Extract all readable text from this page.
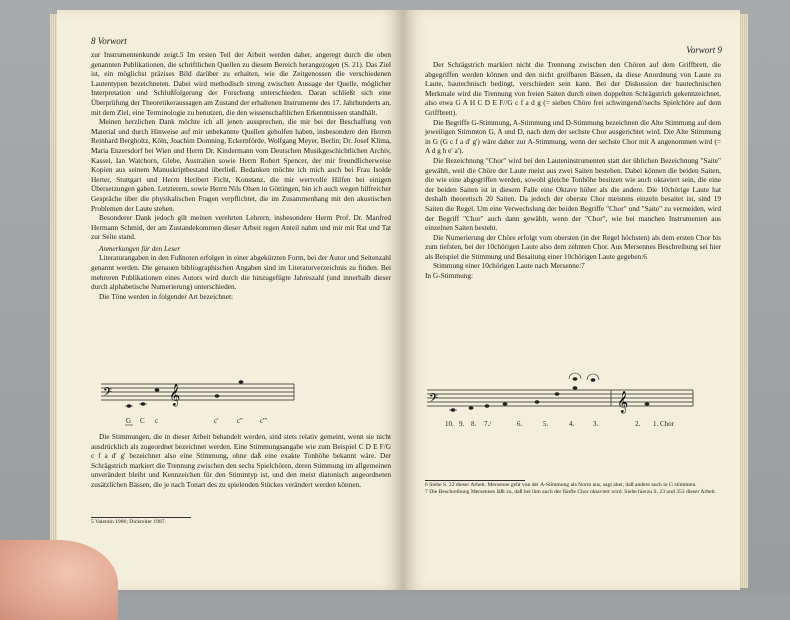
8 Vorwort

zur Instrumentenkunde zeigt.5 Im ersten Teil der Arbeit werden daher, angeregt durch die oben genannten Publikationen, die schriftlichen Quellen zu diesem Bereich herangezogen (S. 21). Das Ziel ist, ein möglichst präzises Bild darüber zu erhalten, wie die Zeitgenossen die verschiedenen Lautentypen bezeichneten. Dabei wird methodisch streng zwischen Aussage der Quelle, möglicher Interpretation und Schlußfolgerung der Forschung unterschieden. Daran schließt sich eine Überprüfung der Theoretikeraussagen am Zustand der erhaltenen Instrumente des 17. Jahrhunderts an, mit dem Ziel, eine Terminologie zu benutzen, die den wissenschaftlichen Erkenntnissen standhält.

Meinen herzlichen Dank möchte ich all jenen aussprechen, die mir bei der Beschaffung von Material und durch Hinweise auf mir unbekannte Quellen geholfen haben, insbesondere den Herren Reinhard Bergholtz, Köln, Joachim Domning, Eckernförde, Wolfgang Meyer, Berlin; Dr. Josef Klima, Maria Enzersdorf bei Wien und Herrn Dr. Kindermann vom Deutschen Musikgeschichtlichen Archiv, Kassel, Ian Watchorn, Glebe, Australien sowie Herrn Robert Spencer, der mir freundlicherweise Kopien aus seinem Manuskriptbestand überließ. Bedanken möchte ich mich auch bei Frau Isolde Herter, Stuttgart und Herrn Heribert Ficht, Konstanz, die mir wertvolle Hilfen bei einigen Übersetzungen gaben. Letzterem, sowie Herrn Nils Olsen in Göttingen, bin ich auch wegen hilfreicher Gespräche über die physikalischen Fragen verpflichtet, die im Zusammenhang mit den akustischen Problemen der Laute stehen.

Besonderer Dank jedoch gilt meinen verehrten Lehrern, insbesondere Herrn Prof. Dr. Manfred Hermann Schmid, der am Zustandekommen dieser Arbeit regen Anteil nahm und mir mit Rat und Tat zur Seite stand.

Anmerkungen für den Leser

Literaturangaben in den Fußnoten erfolgen in einer abgekürzten Form, bei der Autor und Seitenzahl genannt werden. Die genauen bibliographischen Angaben sind im Literaturverzeichnis zu finden. Bei mehreren Publikationen eines Autors wird durch die hinzugefügte Jahreszahl (und innerhalb dieser durch alphabetische Numerierung) unterschieden.

Die Töne werden in folgender Art bezeichnet:

𝄢	𝄞
G C c	c'	c'' c'''

Die Stimmungen, die in dieser Arbeit behandelt werden, sind stets relativ gemeint, wenn sie nicht ausdrücklich als zugeordnet bezeichnet werden. Eine Stimmungsangabe wie zum Beispiel C D E F/G c f a d' g' bezeichnet also eine Stimmung, ohne daß eine exakte Tonhöhe bekannt wäre. Der Schrägstrich markiert die Trennung zwischen den sechs Spielchören, deren Stimmung im allgemeinen unverändert bleibt und Kennzeichen für den Stimmtyp ist, und den meist diatonisch angeordneten zusätzlichen Bässen, die je nach Tonart des zu spielenden Stückes verändert werden können.

5 Valentin 1986; Dickreiter 1987.
Vorwort 9

Der Schrägstrich markiert nicht die Trennung zwischen den Chören auf dem Griffbrett, die abgegriffen werden können und den nicht greifbaren Bässen, da diese Anordnung von Laute zu Laute, bautechnisch bedingt, verschieden sein kann. Bei der Diskussion der bautechnischen Merkmale wird die Trennung von freien Saiten durch einen doppelten Schrägstrich gekennzeichnet, also etwa G A H C D E F//G c f a d g (= sieben Chöre frei schwingend//sechs Spielchöre auf dem Griffbrett).

Die Begriffe G-Stimmung, A-Stimmung und D-Stimmung bezeichnen die Alte Stimmung auf dem jeweiligen Stimmton G, A und D, nach dem der sechste Chor ausgerichtet wird. Die Alte Stimmung in G (G c f a d' g') wäre daher zur A-Stimmung, wenn der sechste Chor mit A angenommen wird (= A d g h e' a').

Die Bezeichnung "Chor" wird bei den Lauteninstrumenten statt der üblichen Bezeichnung "Saite" gewählt, weil die Chöre der Laute meist aus zwei Saiten bestehen. Dabei können die beiden Saiten, die wie eine abgegriffen werden, sowohl gleiche Tonhöhe besitzen wie auch oktaviert sein, die eine der beiden Saiten ist in diesem Falle eine Oktave höher als die andere. Die 10chörige Laute hat deshalb theoretisch 20 Saiten. Da jedoch der oberste Chor meistens einzeln besaitet ist, sind 19 Saiten die Regel. Um eine Verwechslung der beiden Begriffe "Chor" und "Saite" zu vermeiden, wird der Begriff "Chor" auch dann gewählt, wenn der "Chor", wie bei manchen Instrumenten aus einzelnen Saiten besteht.

Die Numerierung der Chöre erfolgt vom obersten (in der Regel höchsten) als dem ersten Chor bis zum tiefsten, bei der 10chörigen Laute also dem zehnten Chor. Aus Mersennes Beschreibung sei hier als Beispiel die Stimmung und Besaitung einer 10chörigen Laute gegeben:6

Stimmung einer 10chörigen Laute nach Mersenne:7

In G-Stimmung:

𝄢	𝄞
10. 9. 8. 7./	6.	5.	4.	3.	2. 1. Chor
6 Siehe S. 22 dieser Arbeit. Mersenne geht von der A-Stimmung als Norm aus, sagt aber, daß andere auch in G stimmten.
7 Die Beschreibung Mersennes läßt zu, daß bei ihm auch der fünfte Chor oktaviert wird. Siehe hierzu S. 23 und 353 dieser Arbeit.
